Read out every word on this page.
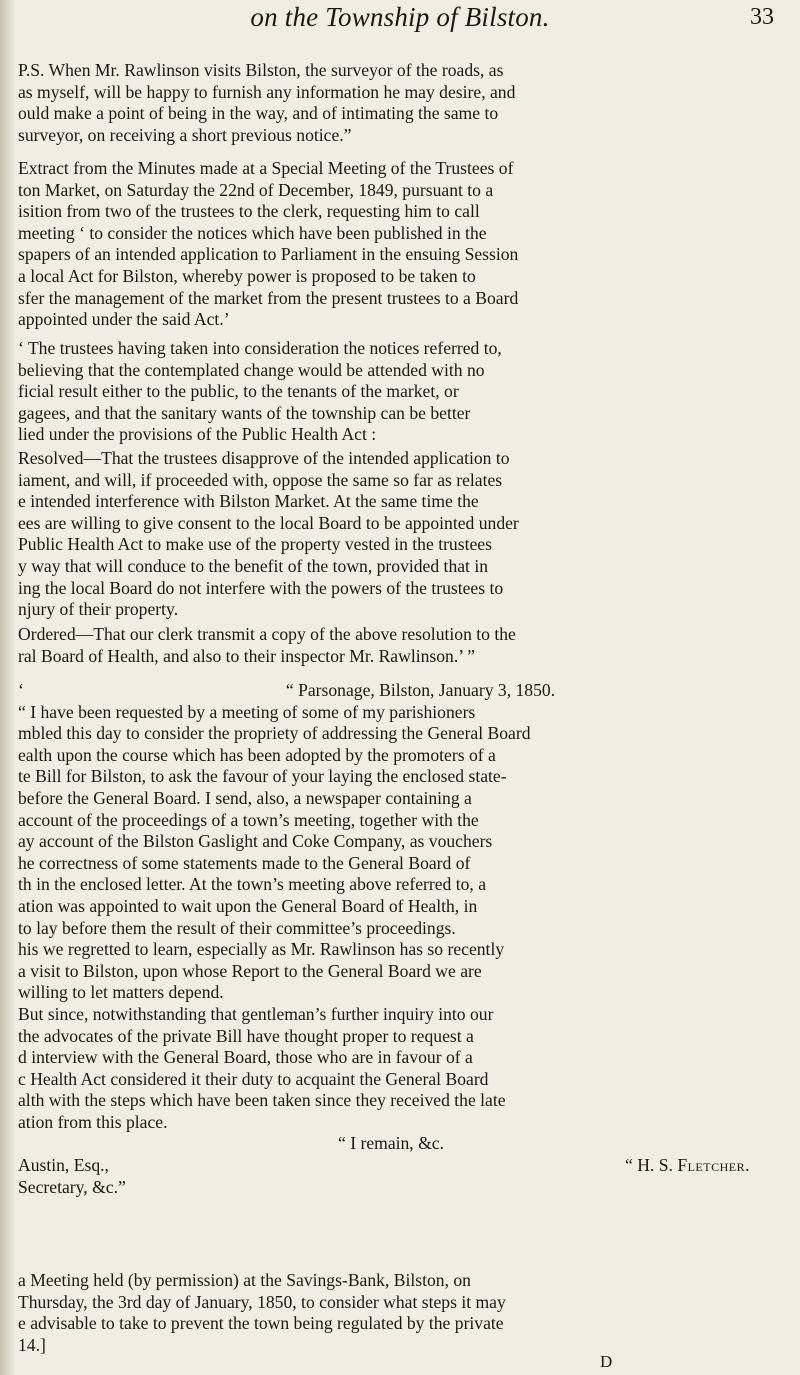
on the Township of Bilston.	33

P.S. When Mr. Rawlinson visits Bilston, the surveyor of the roads, as

as myself, will be happy to furnish any information he may desire, and

ould make a point of being in the way, and of intimating the same to

surveyor, on receiving a short previous notice.”

Extract from the Minutes made at a Special Meeting of the Trustees of

ton Market, on Saturday the 22nd of December, 1849, pursuant to a

isition from two of the trustees to the clerk, requesting him to call

meeting ‘ to consider the notices which have been published in the

spapers of an intended application to Parliament in the ensuing Session

a local Act for Bilston, whereby power is proposed to be taken to

sfer the management of the market from the present trustees to a Board

appointed under the said Act.’

‘ The trustees having taken into consideration the notices referred to,

believing that the contemplated change would be attended with no

ficial result either to the public, to the tenants of the market, or

gagees, and that the sanitary wants of the township can be better

lied under the provisions of the Public Health Act :

Resolved—That the trustees disapprove of the intended application to

iament, and will, if proceeded with, oppose the same so far as relates

e intended interference with Bilston Market. At the same time the

ees are willing to give consent to the local Board to be appointed under

Public Health Act to make use of the property vested in the trustees

y way that will conduce to the benefit of the town, provided that in

ing the local Board do not interfere with the powers of the trustees to

njury of their property.

Ordered—That our clerk transmit a copy of the above resolution to the

ral Board of Health, and also to their inspector Mr. Rawlinson.’ ”

‘	“ Parsonage, Bilston, January 3, 1850.

“ I have been requested by a meeting of some of my parishioners

mbled this day to consider the propriety of addressing the General Board

ealth upon the course which has been adopted by the promoters of a

te Bill for Bilston, to ask the favour of your laying the enclosed state-

before the General Board. I send, also, a newspaper containing a

account of the proceedings of a town’s meeting, together with the

ay account of the Bilston Gaslight and Coke Company, as vouchers

he correctness of some statements made to the General Board of

th in the enclosed letter. At the town’s meeting above referred to, a

ation was appointed to wait upon the General Board of Health, in

to lay before them the result of their committee’s proceedings.

his we regretted to learn, especially as Mr. Rawlinson has so recently

a visit to Bilston, upon whose Report to the General Board we are

willing to let matters depend.

But since, notwithstanding that gentleman’s further inquiry into our

the advocates of the private Bill have thought proper to request a

d interview with the General Board, those who are in favour of a

c Health Act considered it their duty to acquaint the General Board

alth with the steps which have been taken since they received the late

ation from this place.

“ I remain, &c.

Austin, Esq.,	“ H. S. Fletcher.

Secretary, &c.”

a Meeting held (by permission) at the Savings-Bank, Bilston, on

Thursday, the 3rd day of January, 1850, to consider what steps it may

e advisable to take to prevent the town being regulated by the private

14.]

D
